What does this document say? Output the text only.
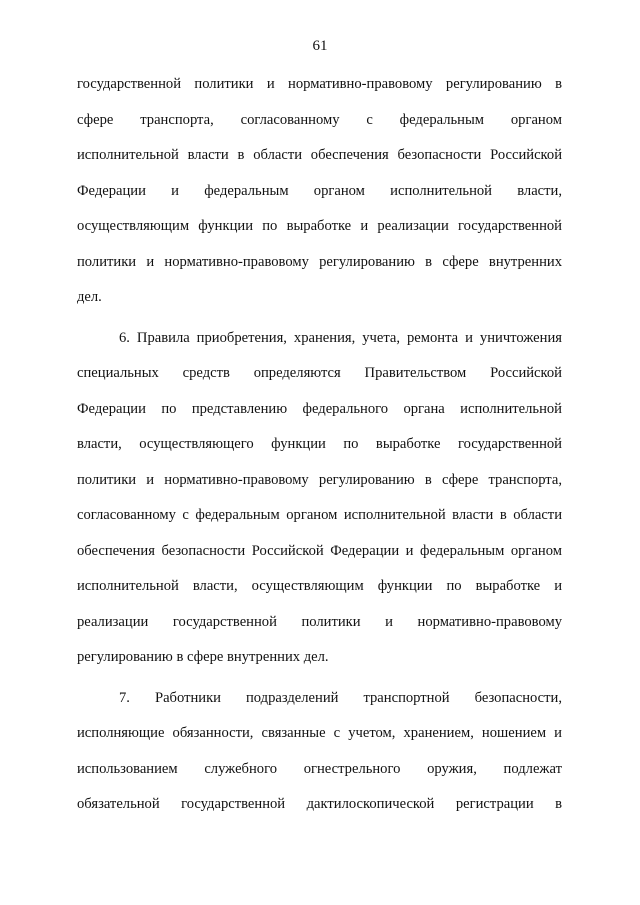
61
государственной политики и нормативно-правовому регулированию в
сфере транспорта, согласованному с федеральным органом
исполнительной власти в области обеспечения безопасности Российской
Федерации и федеральным органом исполнительной власти,
осуществляющим функции по выработке и реализации государственной
политики и нормативно-правовому регулированию в сфере внутренних
дел.
6. Правила приобретения, хранения, учета, ремонта и уничтожения
специальных средств определяются Правительством Российской
Федерации по представлению федерального органа исполнительной
власти, осуществляющего функции по выработке государственной
политики и нормативно-правовому регулированию в сфере транспорта,
согласованному с федеральным органом исполнительной власти в области
обеспечения безопасности Российской Федерации и федеральным органом
исполнительной власти, осуществляющим функции по выработке и
реализации государственной политики и нормативно-правовому
регулированию в сфере внутренних дел.
7. Работники подразделений транспортной безопасности,
исполняющие обязанности, связанные с учетом, хранением, ношением и
использованием служебного огнестрельного оружия, подлежат
обязательной государственной дактилоскопической регистрации в
